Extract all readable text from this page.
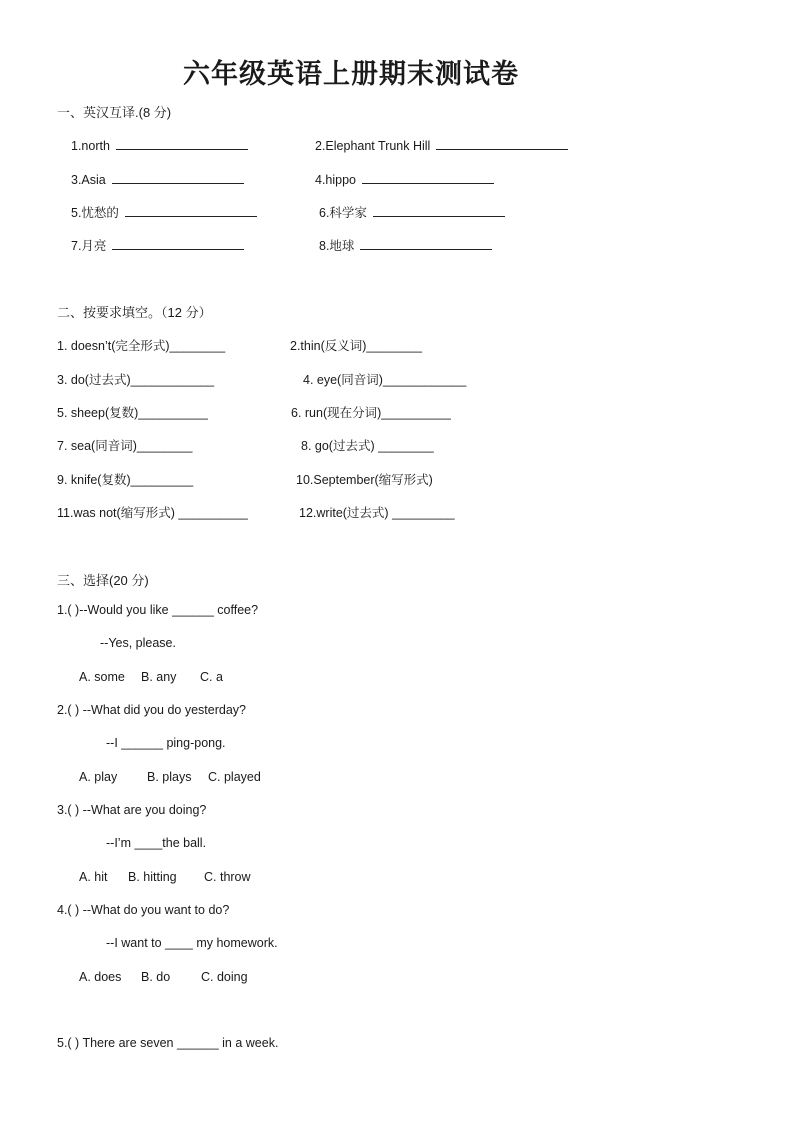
六年级英语上册期末测试卷
一、英汉互译.(8 分)
1.north	2.Elephant Trunk Hill
3.Asia	4.hippo
5.忧愁的	6.科学家
7.月亮	8.地球
二、按要求填空。（12 分）
1. doesn’t(完全形式)________	2.thin(反义词)________
3. do(过去式)____________	4. eye(同音词)____________
5. sheep(复数)__________	6. run(现在分词)__________
7. sea(同音词)________	8. go(过去式) ________
9. knife(复数)_________	10.September(缩写形式)
11.was not(缩写形式) __________	12.write(过去式) _________
三、选择(20 分)
1.( )--Would you like ______ coffee?
--Yes, please.
A. some B. any C. a
2.( ) --What did you do yesterday?
--I ______ ping-pong.
A. play B. plays C. played
3.( ) --What are you doing?
--I’m ____the ball.
A. hit B. hitting C. throw
4.( ) --What do you want to do?
--I want to ____ my homework.
A. does B. do C. doing
5.( ) There are seven ______ in a week.
